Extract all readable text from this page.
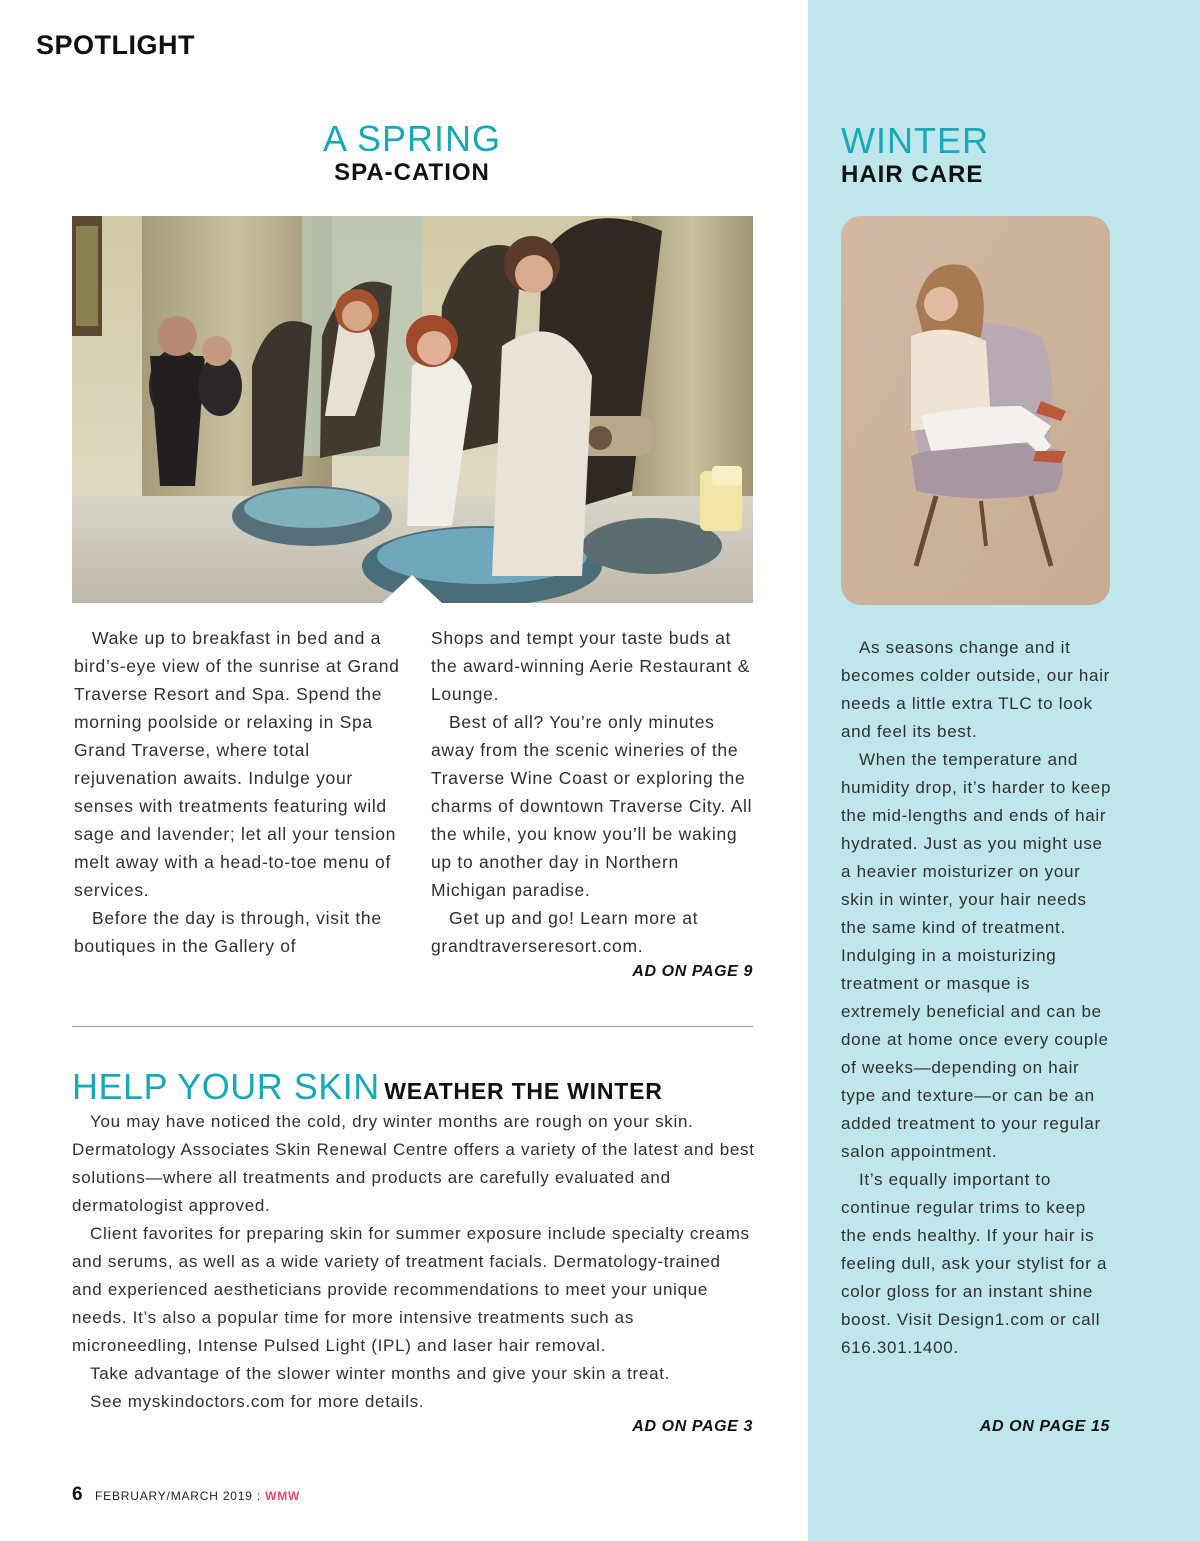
SPOTLIGHT
A SPRING
SPA-CATION

Wake up to breakfast in bed and a bird’s-eye view of the sunrise at Grand Traverse Resort and Spa. Spend the morning poolside or relaxing in Spa Grand Traverse, where total rejuvenation awaits. Indulge your senses with treatments featuring wild sage and lavender; let all your tension melt away with a head-to-toe menu of services.

Before the day is through, visit the boutiques in the Gallery of

Shops and tempt your taste buds at the award-winning Aerie Restaurant & Lounge.

Best of all? You’re only minutes away from the scenic wineries of the Traverse Wine Coast or exploring the charms of downtown Traverse City. All the while, you know you’ll be waking up to another day in Northern Michigan paradise.

Get up and go! Learn more at grandtraverseresort.com.

AD ON PAGE 9
HELP YOUR SKIN WEATHER THE WINTER

You may have noticed the cold, dry winter months are rough on your skin. Dermatology Associates Skin Renewal Centre offers a variety of the latest and best solutions—where all treatments and products are carefully evaluated and dermatologist approved.

Client favorites for preparing skin for summer exposure include specialty creams and serums, as well as a wide variety of treatment facials. Dermatology-trained and experienced aestheticians provide recommendations to meet your unique needs. It’s also a popular time for more intensive treatments such as microneedling, Intense Pulsed Light (IPL) and laser hair removal.

Take advantage of the slower winter months and give your skin a treat.

See myskindoctors.com for more details.

AD ON PAGE 3
WINTER
HAIR CARE

As seasons change and it becomes colder outside, our hair needs a little extra TLC to look and feel its best.

When the temperature and humidity drop, it’s harder to keep the mid-lengths and ends of hair hydrated. Just as you might use a heavier moisturizer on your skin in winter, your hair needs the same kind of treatment. Indulging in a moisturizing treatment or masque is extremely beneficial and can be done at home once every couple of weeks—depending on hair type and texture—or can be an added treatment to your regular salon appointment.

It’s equally important to continue regular trims to keep the ends healthy. If your hair is feeling dull, ask your stylist for a color gloss for an instant shine boost. Visit Design1.com or call 616.301.1400.

AD ON PAGE 15
6 FEBRUARY/MARCH 2019 : WMW
